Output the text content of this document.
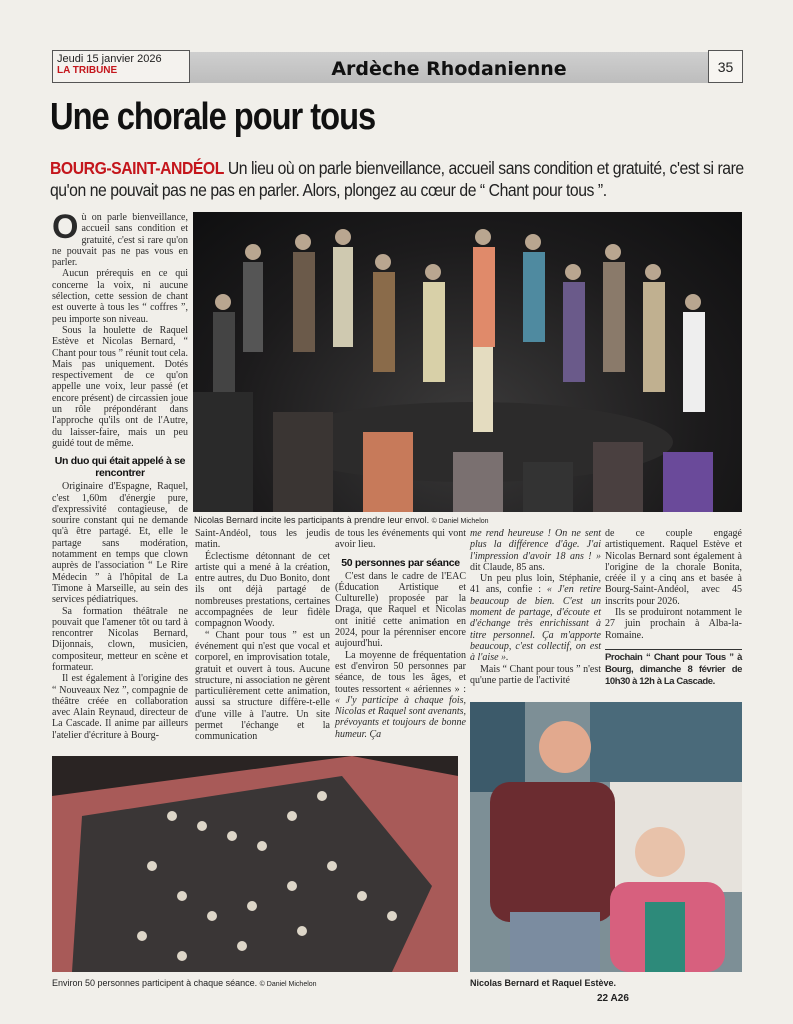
Jeudi 15 janvier 2026
LA TRIBUNE	Ardèche Rhodanienne	35
Une chorale pour tous
BOURG-SAINT-ANDÉOL Un lieu où on parle bienveillance, accueil sans condition et gratuité, c'est si rare qu'on ne pouvait pas ne pas en parler. Alors, plongez au cœur de “ Chant pour tous ”.

Où on parle bienveillance, accueil sans condition et gratuité, c'est si rare qu'on ne pouvait pas ne pas vous en parler.

Aucun prérequis en ce qui concerne la voix, ni aucune sélection, cette session de chant est ouverte à tous les “ coffres ”, peu importe son niveau.

Sous la houlette de Raquel Estève et Nicolas Bernard, “ Chant pour tous ” réunit tout cela. Mais pas uniquement. Dotés respectivement de ce qu'on appelle une voix, leur passé (et encore présent) de circassien joue un rôle prépondérant dans l'approche qu'ils ont de l'Autre, du laisser-faire, mais un peu guidé tout de même.

Un duo qui était appelé à se rencontrer

Originaire d'Espagne, Raquel, c'est 1,60m d'énergie pure, d'expressivité contagieuse, de sourire constant qui ne demande qu'à être partagé. Et, elle le partage sans modération, notamment en temps que clown auprès de l'association “ Le Rire Médecin ” à l'hôpital de La Timone à Marseille, au sein des services pédiatriques.

Sa formation théâtrale ne pouvait que l'amener tôt ou tard à rencontrer Nicolas Bernard, Dijonnais, clown, musicien, compositeur, metteur en scène et formateur.

Il est également à l'origine des “ Nouveaux Nez ”, compagnie de théâtre créée en collaboration avec Alain Reynaud, directeur de La Cascade. Il anime par ailleurs l'atelier d'écriture à Bourg-

Nicolas Bernard incite les participants à prendre leur envol. © Daniel Michelon

Saint-Andéol, tous les jeudis matin.

Éclectisme détonnant de cet artiste qui a mené à la création, entre autres, du Duo Bonito, dont ils ont déjà partagé de nombreuses prestations, certaines accompagnées de leur fidèle compagnon Woody.

“ Chant pour tous ” est un événement qui n'est que vocal et corporel, en improvisation totale, gratuit et ouvert à tous. Aucune structure, ni association ne gèrent particulièrement cette animation, aussi sa structure diffère-t-elle d'une ville à l'autre. Un site permet l'échange et la communication

de tous les événements qui vont avoir lieu.

50 personnes par séance

C'est dans le cadre de l'EAC (Éducation Artistique et Culturelle) proposée par la Draga, que Raquel et Nicolas ont initié cette animation en 2024, pour la pérenniser encore aujourd'hui.

La moyenne de fréquentation est d'environ 50 personnes par séance, de tous les âges, et toutes ressortent « aériennes » : « J'y participe à chaque fois, Nicolas et Raquel sont avenants, prévoyants et toujours de bonne humeur. Ça

me rend heureuse ! On ne sent plus la différence d'âge. J'ai l'impression d'avoir 18 ans ! » dit Claude, 85 ans.

Un peu plus loin, Stéphanie, 41 ans, confie : « J'en retire beaucoup de bien. C'est un moment de partage, d'écoute et d'échange très enrichissant à titre personnel. Ça m'apporte beaucoup, c'est collectif, on est à l'aise ».

Mais “ Chant pour tous ” n'est qu'une partie de l'activité

de ce couple engagé artistiquement. Raquel Estève et Nicolas Bernard sont également à l'origine de la chorale Bonita, créée il y a cinq ans et basée à Bourg-Saint-Andéol, avec 45 inscrits pour 2026.

Ils se produiront notamment le 27 juin prochain à Alba-la-Romaine.

Prochain “ Chant pour Tous ” à Bourg, dimanche 8 février de 10h30 à 12h à La Cascade.
Environ 50 personnes participent à chaque séance. © Daniel Michelon	Nicolas Bernard et Raquel Estève.
22 A26
